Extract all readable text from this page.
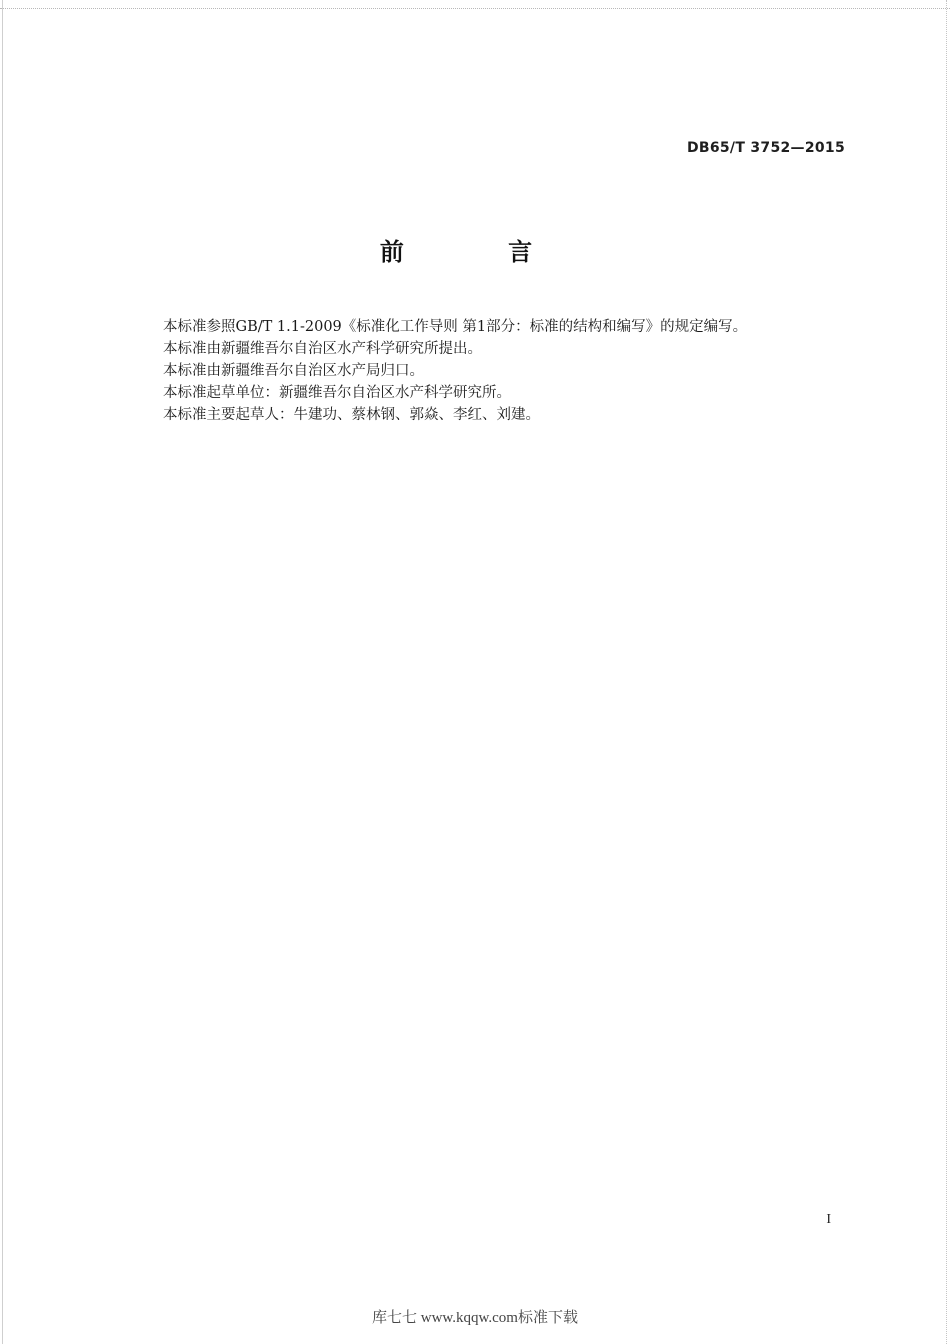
DB65/T 3752—2015
前 言

本标准参照GB/T 1.1-2009《标准化工作导则 第1部分：标准的结构和编写》的规定编写。

本标准由新疆维吾尔自治区水产科学研究所提出。

本标准由新疆维吾尔自治区水产局归口。

本标准起草单位：新疆维吾尔自治区水产科学研究所。

本标准主要起草人：牛建功、蔡林钢、郭焱、李红、刘建。

I
库七七 www.kqqw.com标准下载
